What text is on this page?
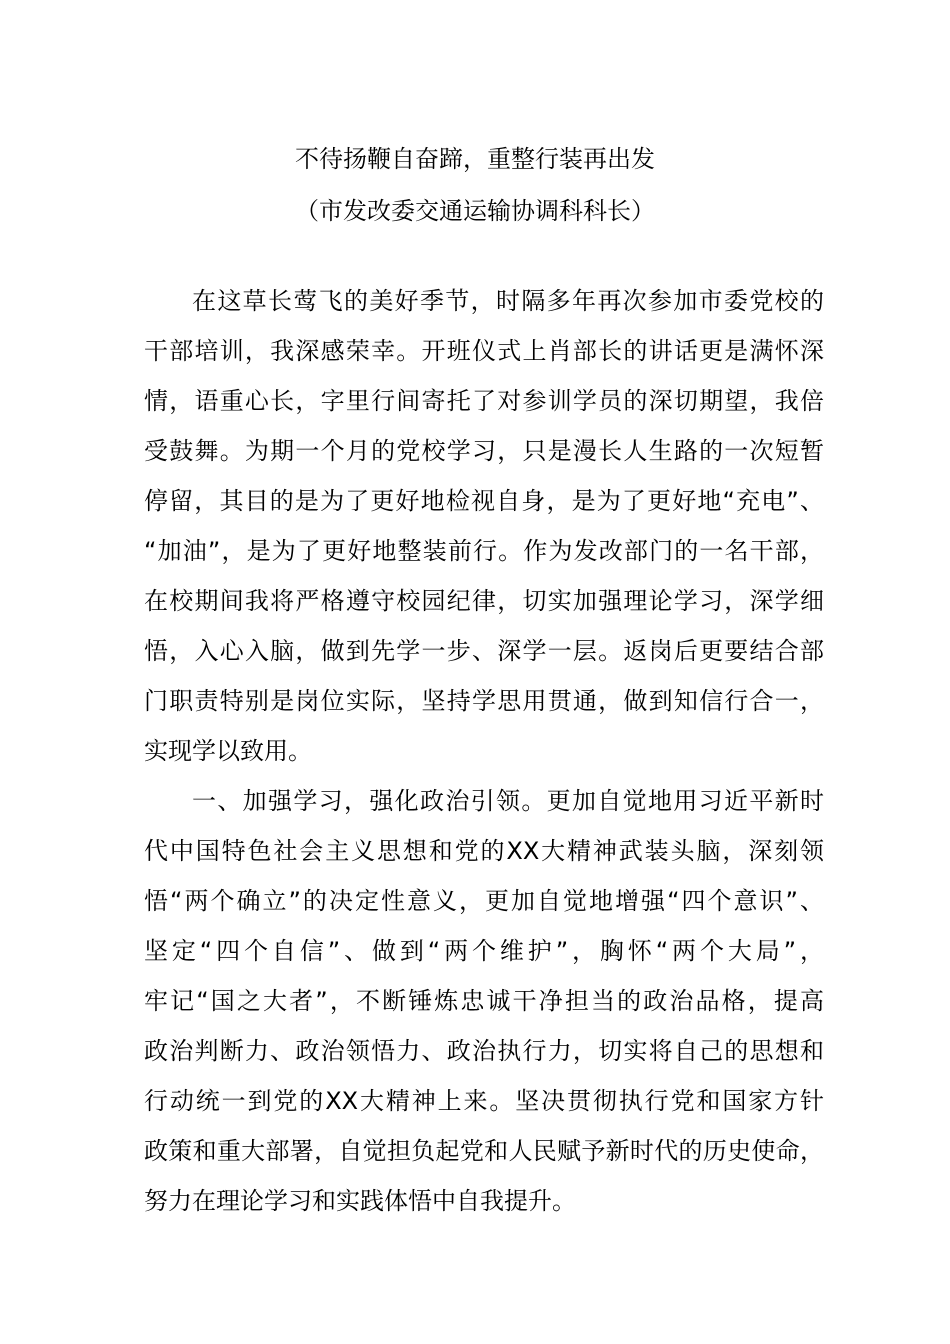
不待扬鞭自奋蹄，重整行装再出发
（市发改委交通运输协调科科长）
在这草长莺飞的美好季节，时隔多年再次参加市委党校的
干部培训，我深感荣幸。开班仪式上肖部长的讲话更是满怀深
情，语重心长，字里行间寄托了对参训学员的深切期望，我倍
受鼓舞。为期一个月的党校学习，只是漫长人生路的一次短暂
停留，其目的是为了更好地检视自身，是为了更好地“充电”、
“加油”，是为了更好地整装前行。作为发改部门的一名干部，
在校期间我将严格遵守校园纪律，切实加强理论学习，深学细
悟，入心入脑，做到先学一步、深学一层。返岗后更要结合部
门职责特别是岗位实际，坚持学思用贯通，做到知信行合一，
实现学以致用。
一、加强学习，强化政治引领。更加自觉地用习近平新时
代中国特色社会主义思想和党的XX大精神武装头脑，深刻领
悟“两个确立”的决定性意义，更加自觉地增强“四个意识”、
坚定“四个自信”、做到“两个维护”，胸怀“两个大局”，
牢记“国之大者”，不断锤炼忠诚干净担当的政治品格，提高
政治判断力、政治领悟力、政治执行力，切实将自己的思想和
行动统一到党的XX大精神上来。坚决贯彻执行党和国家方针
政策和重大部署，自觉担负起党和人民赋予新时代的历史使命，
努力在理论学习和实践体悟中自我提升。
